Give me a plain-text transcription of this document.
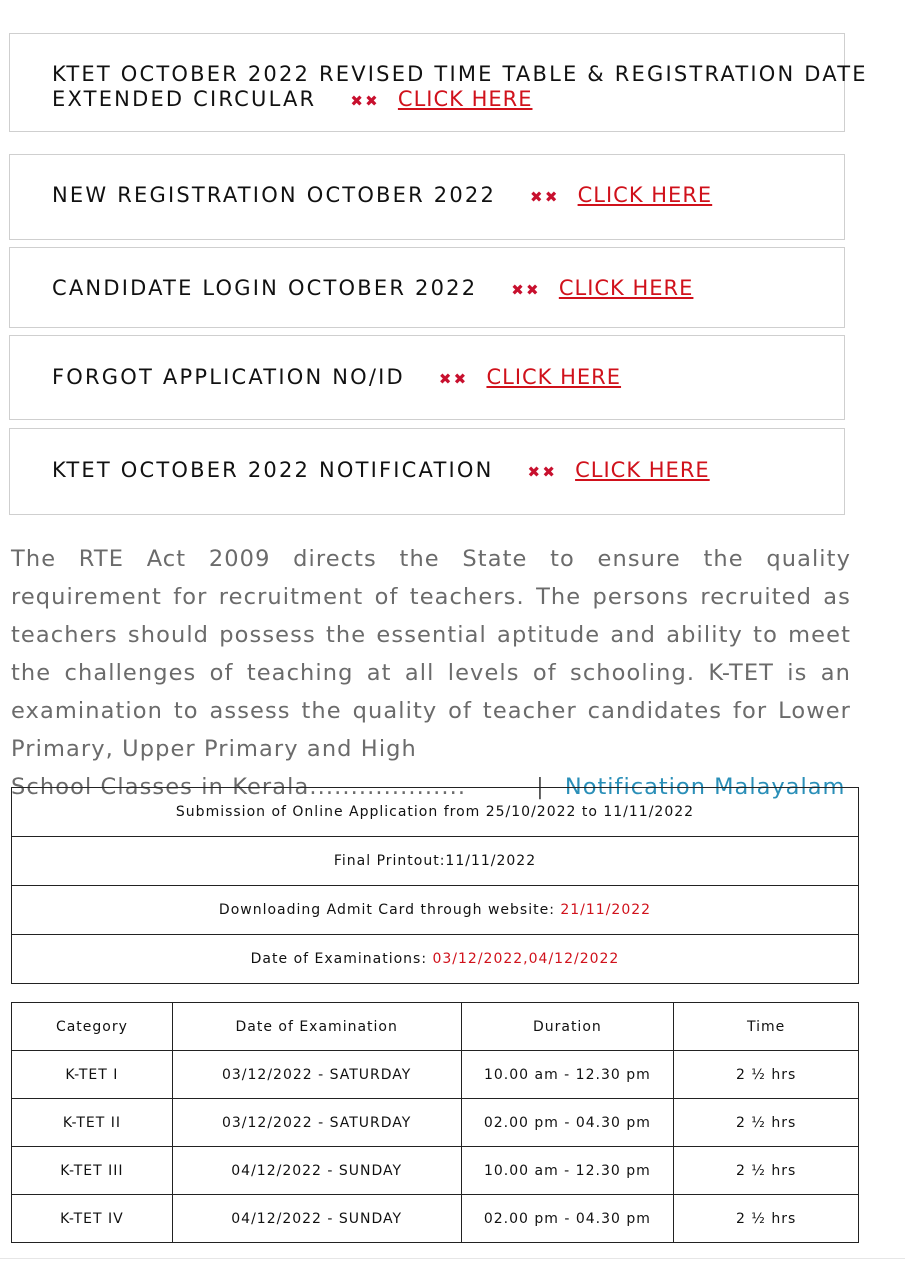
KTET OCTOBER 2022 REVISED TIME TABLE & REGISTRATION DATE
EXTENDED CIRCULAR ✖✖ CLICK HERE
NEW REGISTRATION OCTOBER 2022 ✖✖ CLICK HERE
CANDIDATE LOGIN OCTOBER 2022 ✖✖ CLICK HERE
FORGOT APPLICATION NO/ID ✖✖ CLICK HERE
KTET OCTOBER 2022 NOTIFICATION ✖✖ CLICK HERE
The RTE Act 2009 directs the State to ensure the quality requirement for recruitment of teachers. The persons recruited as teachers should possess the essential aptitude and ability to meet the challenges of teaching at all levels of schooling. K-TET is an examination to assess the quality of teacher candidates for Lower Primary, Upper Primary and High
School Classes in Kerala...................	| Notification Malayalam
Submission of Online Application from 25/10/2022 to 11/11/2022
Final Printout:11/11/2022
Downloading Admit Card through website: 21/11/2022
Date of Examinations: 03/12/2022,04/12/2022
Category	Date of Examination	Duration	Time
K-TET I	03/12/2022 - SATURDAY	10.00 am - 12.30 pm	2 ½ hrs
K-TET II	03/12/2022 - SATURDAY	02.00 pm - 04.30 pm	2 ½ hrs
K-TET III	04/12/2022 - SUNDAY	10.00 am - 12.30 pm	2 ½ hrs
K-TET IV	04/12/2022 - SUNDAY	02.00 pm - 04.30 pm	2 ½ hrs
